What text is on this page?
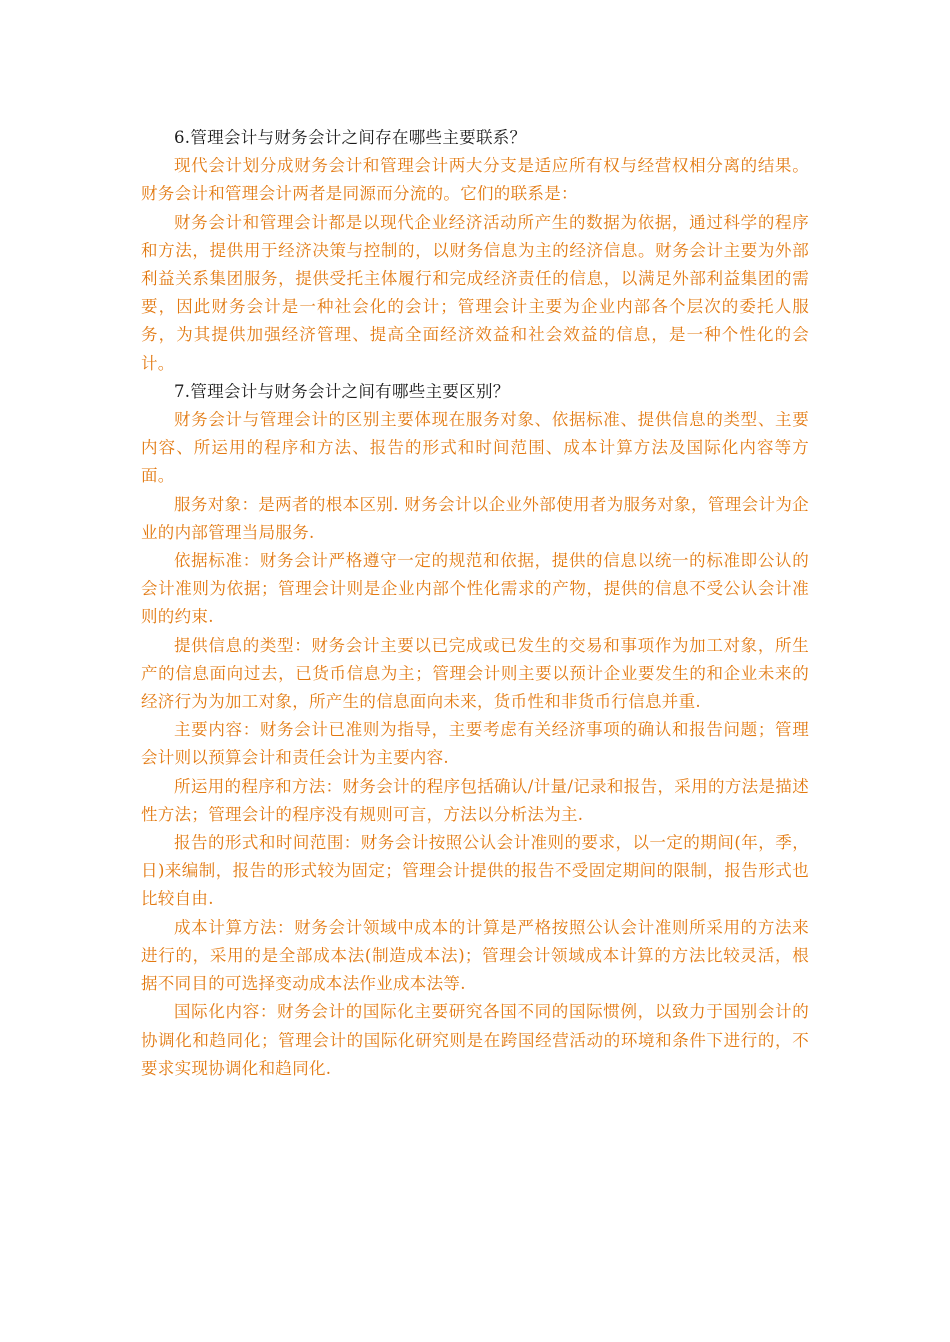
6.管理会计与财务会计之间存在哪些主要联系？

现代会计划分成财务会计和管理会计两大分支是适应所有权与经营权相分离的结果。财务会计和管理会计两者是同源而分流的。它们的联系是：

财务会计和管理会计都是以现代企业经济活动所产生的数据为依据，通过科学的程序和方法，提供用于经济决策与控制的，以财务信息为主的经济信息。财务会计主要为外部利益关系集团服务，提供受托主体履行和完成经济责任的信息，以满足外部利益集团的需要，因此财务会计是一种社会化的会计；管理会计主要为企业内部各个层次的委托人服务，为其提供加强经济管理、提高全面经济效益和社会效益的信息，是一种个性化的会计。

7.管理会计与财务会计之间有哪些主要区别？

财务会计与管理会计的区别主要体现在服务对象、依据标准、提供信息的类型、主要内容、所运用的程序和方法、报告的形式和时间范围、成本计算方法及国际化内容等方面。

服务对象：是两者的根本区别. 财务会计以企业外部使用者为服务对象，管理会计为企业的内部管理当局服务.

依据标准：财务会计严格遵守一定的规范和依据，提供的信息以统一的标准即公认的会计准则为依据；管理会计则是企业内部个性化需求的产物，提供的信息不受公认会计准则的约束.

提供信息的类型：财务会计主要以已完成或已发生的交易和事项作为加工对象，所生产的信息面向过去，已货币信息为主；管理会计则主要以预计企业要发生的和企业未来的经济行为为加工对象，所产生的信息面向未来，货币性和非货币行信息并重.

主要内容：财务会计已准则为指导，主要考虑有关经济事项的确认和报告问题；管理会计则以预算会计和责任会计为主要内容.

所运用的程序和方法：财务会计的程序包括确认/计量/记录和报告，采用的方法是描述性方法；管理会计的程序没有规则可言，方法以分析法为主.

报告的形式和时间范围：财务会计按照公认会计准则的要求，以一定的期间(年，季，日)来编制，报告的形式较为固定；管理会计提供的报告不受固定期间的限制，报告形式也比较自由.

成本计算方法：财务会计领域中成本的计算是严格按照公认会计准则所采用的方法来进行的，采用的是全部成本法(制造成本法)；管理会计领域成本计算的方法比较灵活，根据不同目的可选择变动成本法作业成本法等.

国际化内容：财务会计的国际化主要研究各国不同的国际惯例，以致力于国别会计的协调化和趋同化；管理会计的国际化研究则是在跨国经营活动的环境和条件下进行的，不要求实现协调化和趋同化.
